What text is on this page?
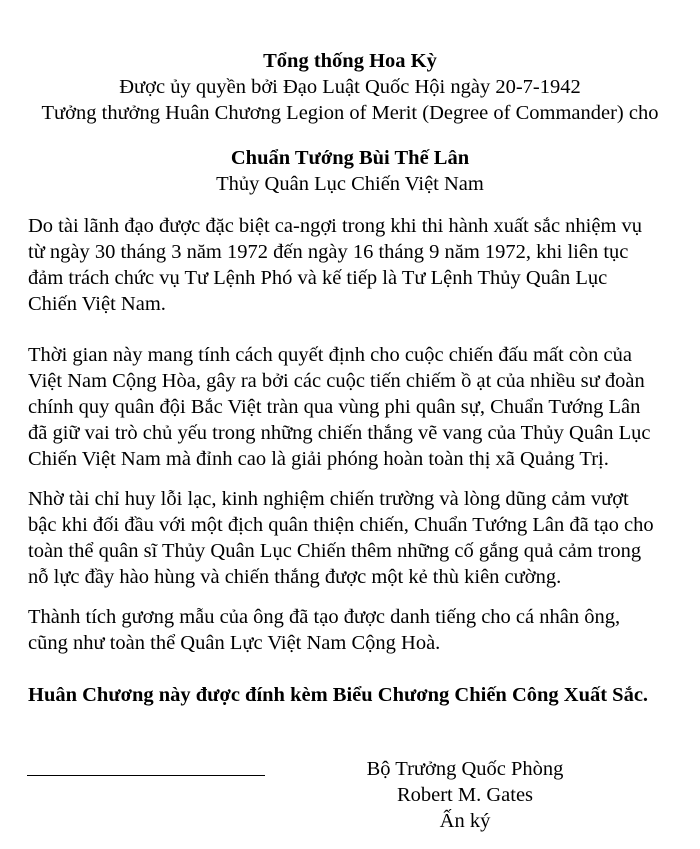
Tổng thống Hoa Kỳ
Được ủy quyền bởi Đạo Luật Quốc Hội ngày 20-7-1942
Tưởng thưởng Huân Chương Legion of Merit (Degree of Commander) cho
Chuẩn Tướng Bùi Thế Lân
Thủy Quân Lục Chiến Việt Nam

Do tài lãnh đạo được đặc biệt ca-ngợi trong khi thi hành xuất sắc nhiệm vụ
từ ngày 30 tháng 3 năm 1972 đến ngày 16 tháng 9 năm 1972, khi liên tục
đảm trách chức vụ Tư Lệnh Phó và kế tiếp là Tư Lệnh Thủy Quân Lục
Chiến Việt Nam.

Thời gian này mang tính cách quyết định cho cuộc chiến đấu mất còn của
Việt Nam Cộng Hòa, gây ra bởi các cuộc tiến chiếm ồ ạt của nhiều sư đoàn
chính quy quân đội Bắc Việt tràn qua vùng phi quân sự, Chuẩn Tướng Lân
đã giữ vai trò chủ yếu trong những chiến thắng vẽ vang của Thủy Quân Lục
Chiến Việt Nam mà đỉnh cao là giải phóng hoàn toàn thị xã Quảng Trị.

Nhờ tài chỉ huy lỗi lạc, kinh nghiệm chiến trường và lòng dũng cảm vượt
bậc khi đối đầu với một địch quân thiện chiến, Chuẩn Tướng Lân đã tạo cho
toàn thể quân sĩ Thủy Quân Lục Chiến thêm những cố gắng quả cảm trong
nỗ lực đầy hào hùng và chiến thắng được một kẻ thù kiên cường.

Thành tích gương mẫu của ông đã tạo được danh tiếng cho cá nhân ông,
cũng như toàn thể Quân Lực Việt Nam Cộng Hoà.

Huân Chương này được đính kèm Biểu Chương Chiến Công Xuất Sắc.

Bộ Trưởng Quốc Phòng
Robert M. Gates
Ấn ký
